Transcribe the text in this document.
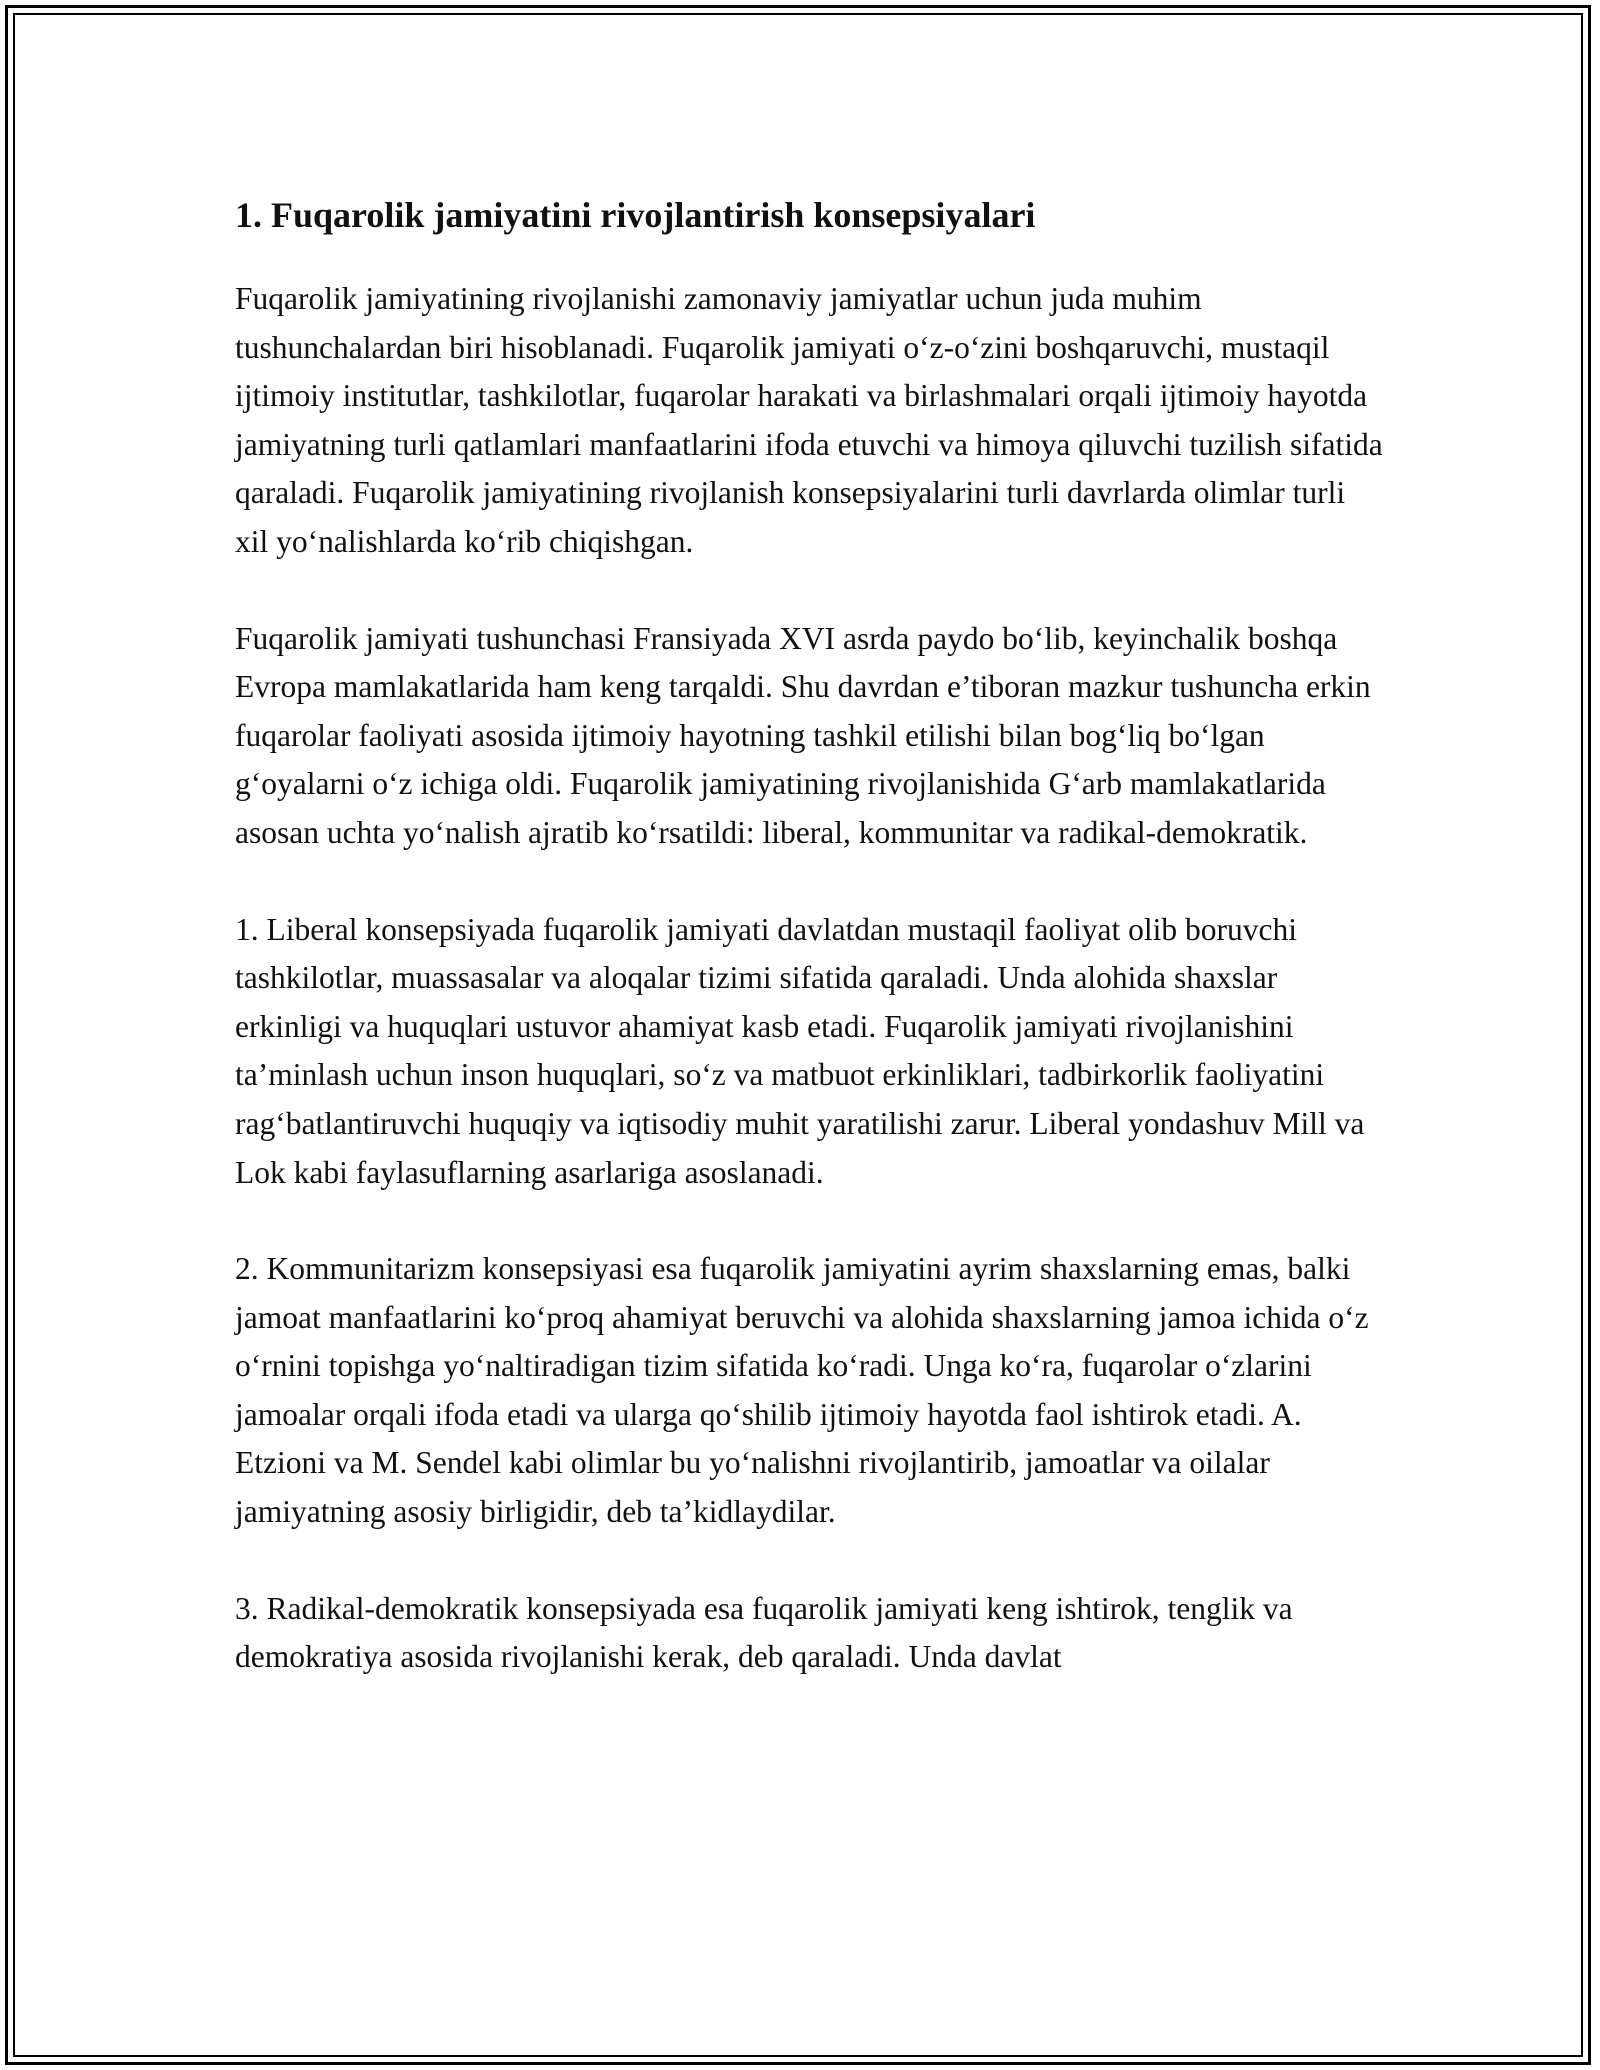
1. Fuqarolik jamiyatini rivojlantirish konsepsiyalari

Fuqarolik jamiyatining rivojlanishi zamonaviy jamiyatlar uchun juda muhim tushunchalardan biri hisoblanadi. Fuqarolik jamiyati o‘z-o‘zini boshqaruvchi, mustaqil ijtimoiy institutlar, tashkilotlar, fuqarolar harakati va birlashmalari orqali ijtimoiy hayotda jamiyatning turli qatlamlari manfaatlarini ifoda etuvchi va himoya qiluvchi tuzilish sifatida qaraladi. Fuqarolik jamiyatining rivojlanish konsepsiyalarini turli davrlarda olimlar turli xil yo‘nalishlarda ko‘rib chiqishgan.

Fuqarolik jamiyati tushunchasi Fransiyada XVI asrda paydo bo‘lib, keyinchalik boshqa Evropa mamlakatlarida ham keng tarqaldi. Shu davrdan e’tiboran mazkur tushuncha erkin fuqarolar faoliyati asosida ijtimoiy hayotning tashkil etilishi bilan bog‘liq bo‘lgan g‘oyalarni o‘z ichiga oldi. Fuqarolik jamiyatining rivojlanishida G‘arb mamlakatlarida asosan uchta yo‘nalish ajratib ko‘rsatildi: liberal, kommunitar va radikal-demokratik.

1. Liberal konsepsiyada fuqarolik jamiyati davlatdan mustaqil faoliyat olib boruvchi tashkilotlar, muassasalar va aloqalar tizimi sifatida qaraladi. Unda alohida shaxslar erkinligi va huquqlari ustuvor ahamiyat kasb etadi. Fuqarolik jamiyati rivojlanishini ta’minlash uchun inson huquqlari, so‘z va matbuot erkinliklari, tadbirkorlik faoliyatini rag‘batlantiruvchi huquqiy va iqtisodiy muhit yaratilishi zarur. Liberal yondashuv Mill va Lok kabi faylasuflarning asarlariga asoslanadi.

2. Kommunitarizm konsepsiyasi esa fuqarolik jamiyatini ayrim shaxslarning emas, balki jamoat manfaatlarini ko‘proq ahamiyat beruvchi va alohida shaxslarning jamoa ichida o‘z o‘rnini topishga yo‘naltiradigan tizim sifatida ko‘radi. Unga ko‘ra, fuqarolar o‘zlarini jamoalar orqali ifoda etadi va ularga qo‘shilib ijtimoiy hayotda faol ishtirok etadi. A. Etzioni va M. Sendel kabi olimlar bu yo‘nalishni rivojlantirib, jamoatlar va oilalar jamiyatning asosiy birligidir, deb ta’kidlaydilar.

3. Radikal-demokratik konsepsiyada esa fuqarolik jamiyati keng ishtirok, tenglik va demokratiya asosida rivojlanishi kerak, deb qaraladi. Unda davlat
